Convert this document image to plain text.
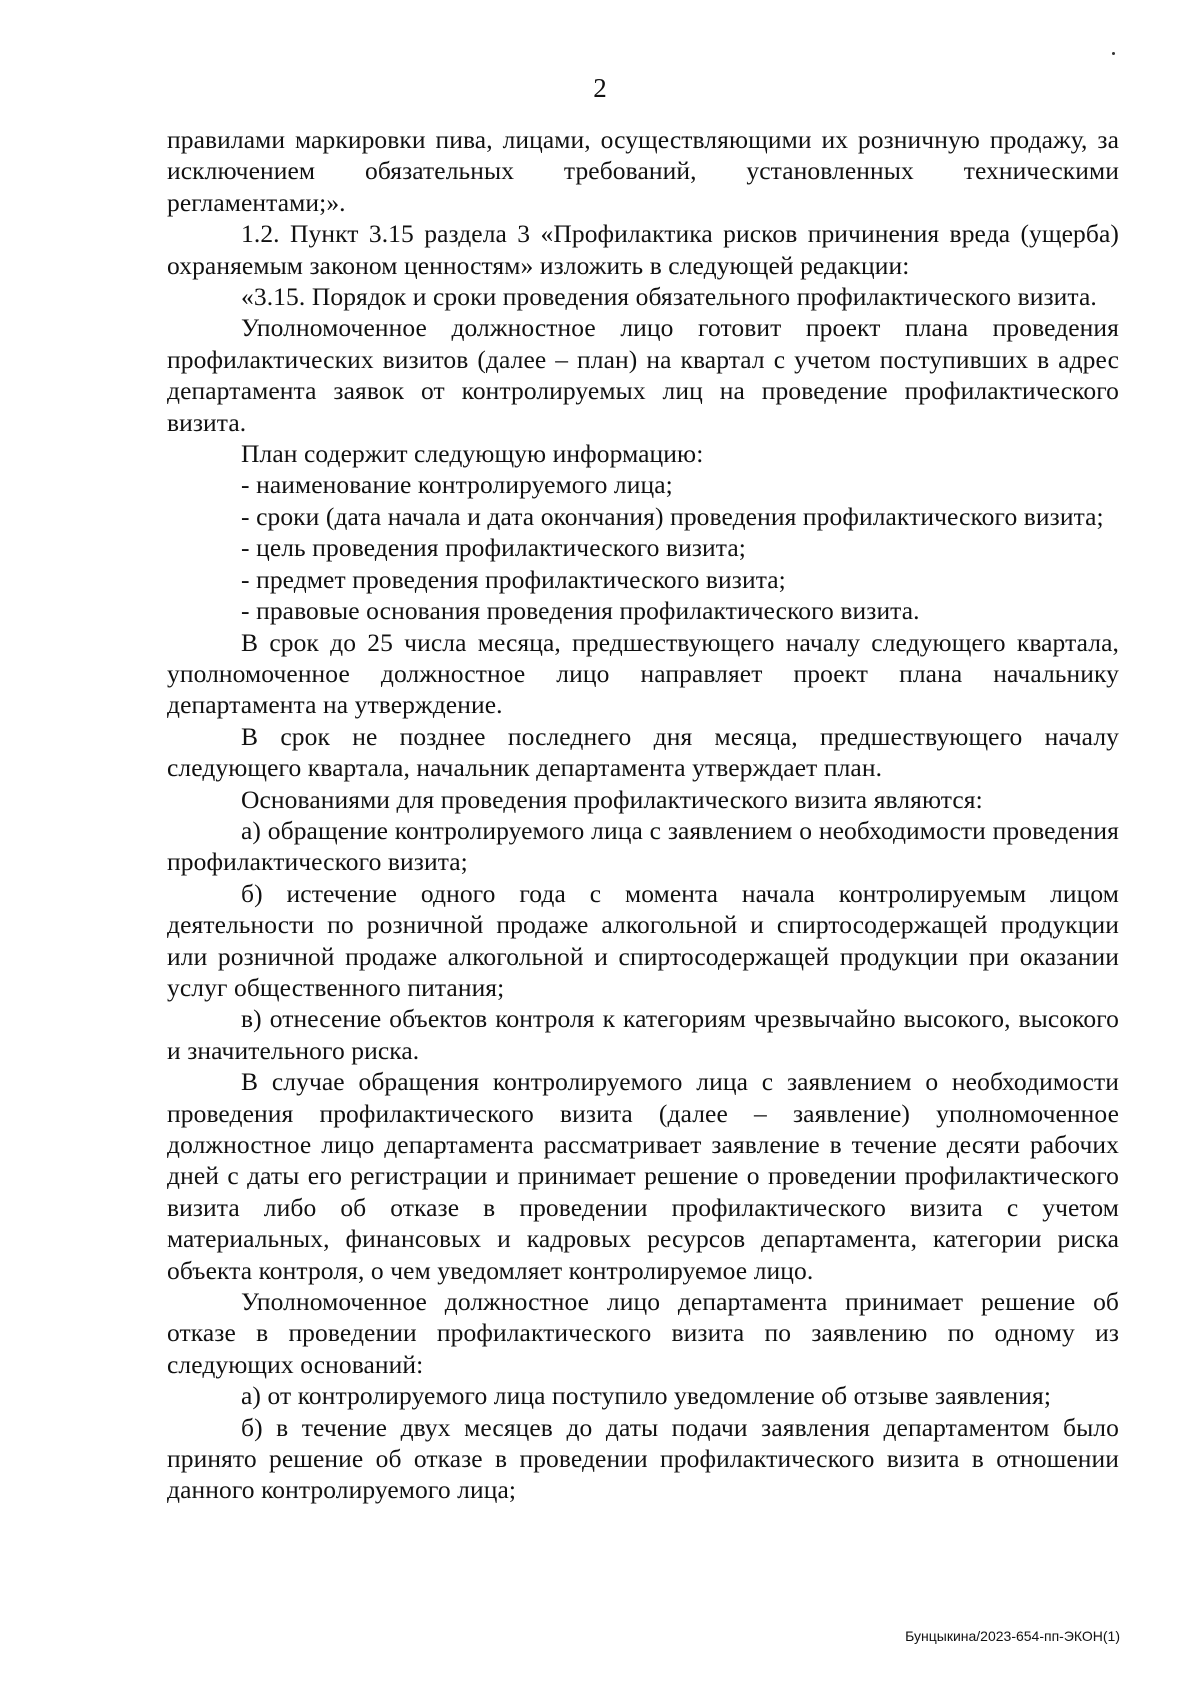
2

правилами маркировки пива, лицами, осуществляющими их розничную продажу, за исключением обязательных требований, установленных техническими регламентами;».

1.2. Пункт 3.15 раздела 3 «Профилактика рисков причинения вреда (ущерба) охраняемым законом ценностям» изложить в следующей редакции:

«3.15. Порядок и сроки проведения обязательного профилактического визита.

Уполномоченное должностное лицо готовит проект плана проведения профилактических визитов (далее – план) на квартал с учетом поступивших в адрес департамента заявок от контролируемых лиц на проведение профилактического визита.

План содержит следующую информацию:

- наименование контролируемого лица;

- сроки (дата начала и дата окончания) проведения профилактического визита;

- цель проведения профилактического визита;

- предмет проведения профилактического визита;

- правовые основания проведения профилактического визита.

В срок до 25 числа месяца, предшествующего началу следующего квартала, уполномоченное должностное лицо направляет проект плана начальнику департамента на утверждение.

В срок не позднее последнего дня месяца, предшествующего началу следующего квартала, начальник департамента утверждает план.

Основаниями для проведения профилактического визита являются:

а) обращение контролируемого лица с заявлением о необходимости проведения профилактического визита;

б) истечение одного года с момента начала контролируемым лицом деятельности по розничной продаже алкогольной и спиртосодержащей продукции или розничной продаже алкогольной и спиртосодержащей продукции при оказании услуг общественного питания;

в) отнесение объектов контроля к категориям чрезвычайно высокого, высокого и значительного риска.

В случае обращения контролируемого лица с заявлением о необходимости проведения профилактического визита (далее – заявление) уполномоченное должностное лицо департамента рассматривает заявление в течение десяти рабочих дней с даты его регистрации и принимает решение о проведении профилактического визита либо об отказе в проведении профилактического визита с учетом материальных, финансовых и кадровых ресурсов департамента, категории риска объекта контроля, о чем уведомляет контролируемое лицо.

Уполномоченное должностное лицо департамента принимает решение об отказе в проведении профилактического визита по заявлению по одному из следующих оснований:

а) от контролируемого лица поступило уведомление об отзыве заявления;

б) в течение двух месяцев до даты подачи заявления департаментом было принято решение об отказе в проведении профилактического визита в отношении данного контролируемого лица;

Бунцыкина/2023-654-пп-ЭКОН(1)
